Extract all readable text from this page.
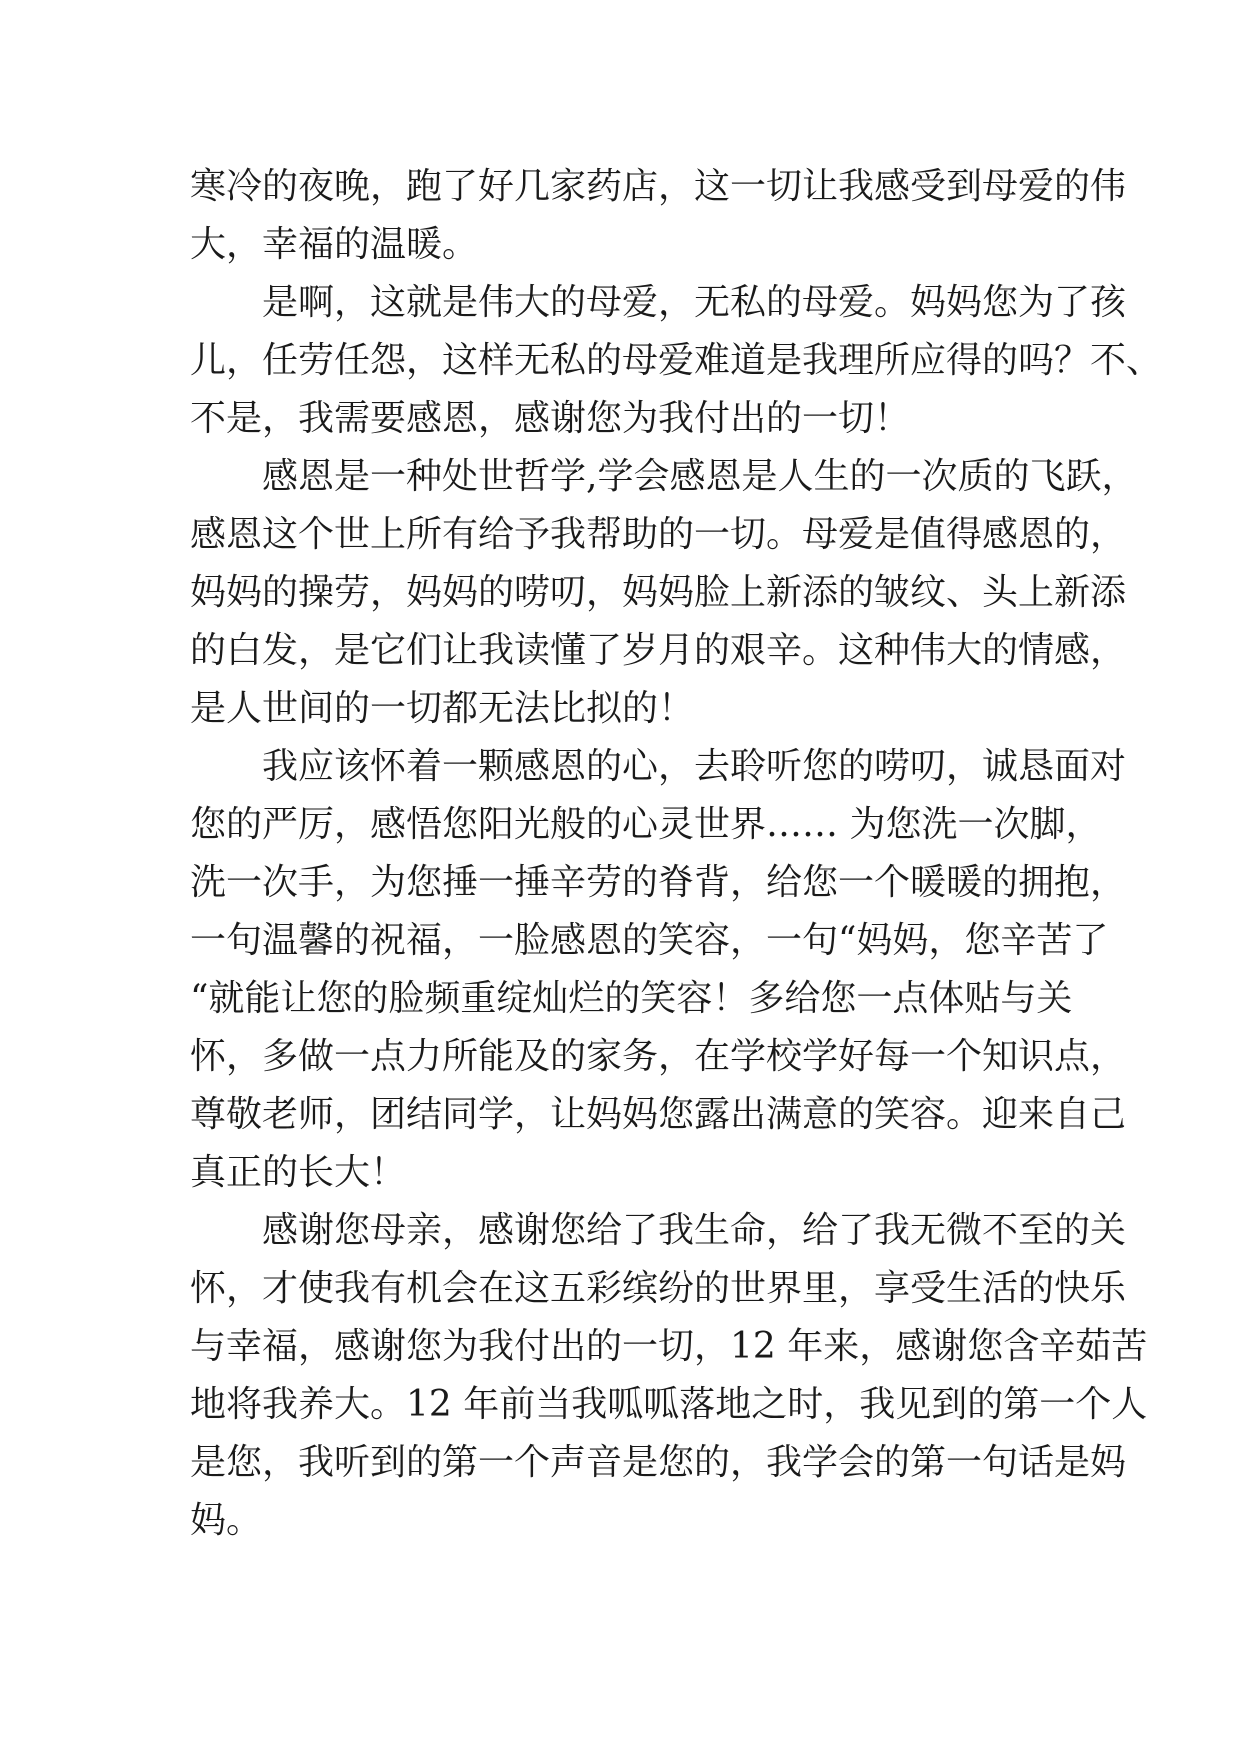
寒冷的夜晚，跑了好几家药店，这一切让我感受到母爱的伟
大，幸福的温暖。
是啊，这就是伟大的母爱，无私的母爱。妈妈您为了孩
儿，任劳任怨，这样无私的母爱难道是我理所应得的吗？不、
不是，我需要感恩，感谢您为我付出的一切！
感恩是一种处世哲学,学会感恩是人生的一次质的飞跃，
感恩这个世上所有给予我帮助的一切。母爱是值得感恩的，
妈妈的操劳，妈妈的唠叨，妈妈脸上新添的皱纹、头上新添
的白发，是它们让我读懂了岁月的艰辛。这种伟大的情感，
是人世间的一切都无法比拟的！
我应该怀着一颗感恩的心，去聆听您的唠叨，诚恳面对
您的严厉，感悟您阳光般的心灵世界…… 为您洗一次脚，
洗一次手，为您捶一捶辛劳的脊背，给您一个暖暖的拥抱，
一句温馨的祝福，一脸感恩的笑容，一句“妈妈，您辛苦了
“就能让您的脸频重绽灿烂的笑容！多给您一点体贴与关
怀，多做一点力所能及的家务，在学校学好每一个知识点，
尊敬老师，团结同学，让妈妈您露出满意的笑容。迎来自己
真正的长大！
感谢您母亲，感谢您给了我生命，给了我无微不至的关
怀，才使我有机会在这五彩缤纷的世界里，享受生活的快乐
与幸福，感谢您为我付出的一切，12 年来，感谢您含辛茹苦
地将我养大。12 年前当我呱呱落地之时，我见到的第一个人
是您，我听到的第一个声音是您的，我学会的第一句话是妈
妈。
